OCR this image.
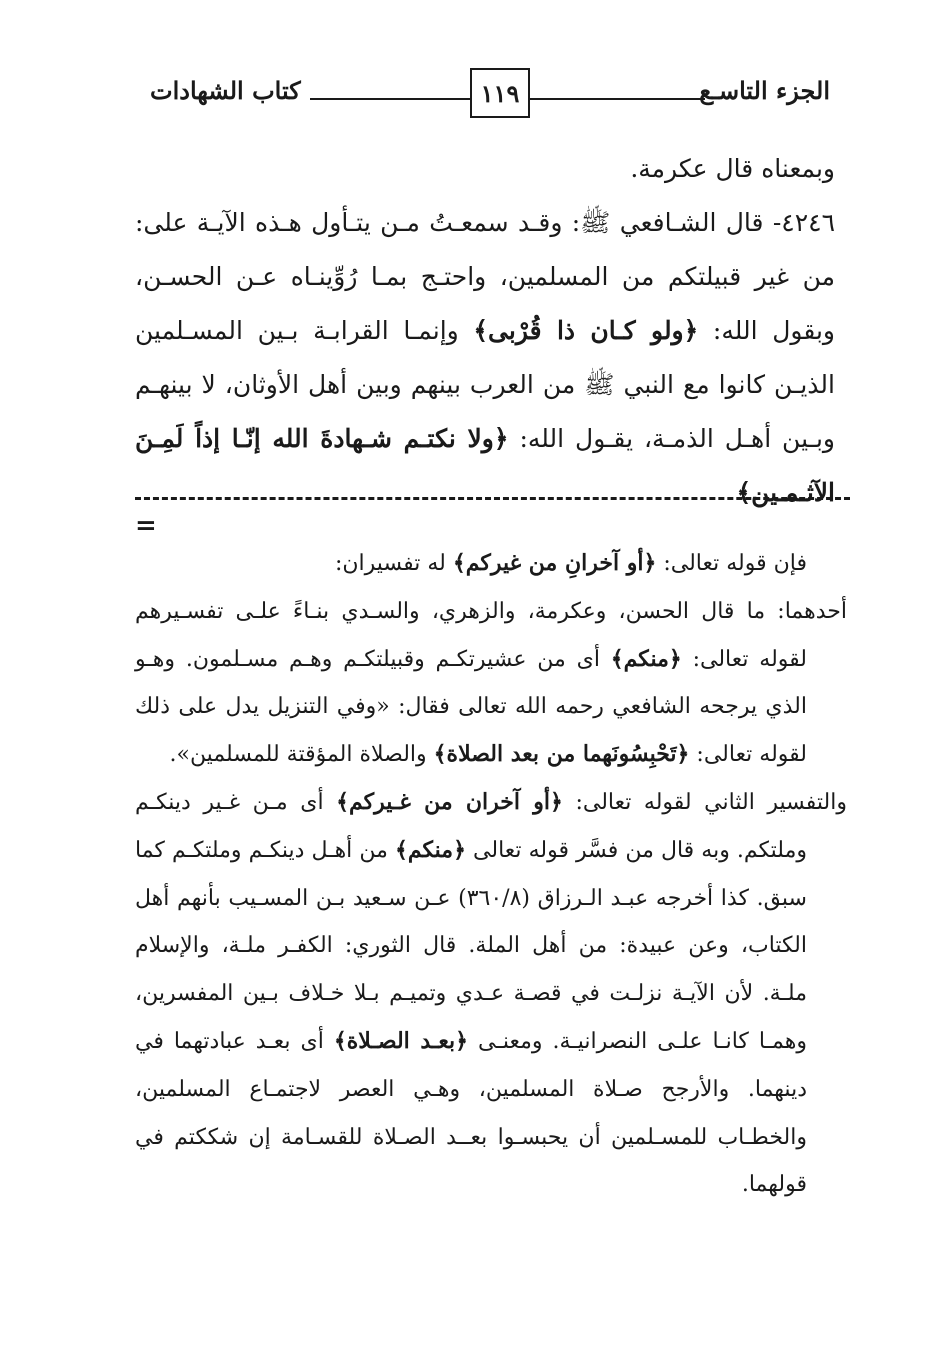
كتاب الشهادات	١١٩	الجزء التاسـع

وبمعناه قال عكرمة.

٤٢٤٦- قال الشـافعي ﷺ: وقـد سمعـتُ مـن يتـأول هـذه الآيـة على: من غير قبيلتكم من المسلمين، واحتـج بمـا رُوِّينـاه عـن الحسـن، وبقول الله: ﴿ولو كـان ذا قُرْبى﴾ وإنمـا القرابـة بـين المسـلمين الذيـن كانوا مع النبي ﷺ من العرب بينهم وبين أهل الأوثان، لا بينهـم وبـين أهـل الذمـة، يقـول الله: ﴿ولا نكتـم شـهادةَ الله إنّـا إذاً لَمِـنَ الآثـمـين﴾

=

فإن قوله تعالى: ﴿أو آخرانِ من غيركم﴾ له تفسيران:

أحدهما: ما قال الحسن، وعكرمة، والزهري، والسـدي بنـاءً علـى تفسـيرهم لقوله تعالى: ﴿منكم﴾ أى من عشيرتكـم وقبيلتكـم وهـم مسـلمون. وهـو الذي يرجحه الشافعي رحمه الله تعالى فقال: «وفي التنزيل يدل على ذلك لقوله تعالى: ﴿تَحْبِسُونَهما من بعد الصلاة﴾ والصلاة المؤقتة للمسلمين».

والتفسير الثاني لقوله تعالى: ﴿أو آخران من غـيركم﴾ أى مـن غـير دينكـم وملتكم. وبه قال من فسَّر قوله تعالى ﴿منكم﴾ من أهـل دينكـم وملتكـم كما سبق. كذا أخرجه عبـد الـرزاق (٣٦٠/٨) عـن سـعيد بـن المسـيب بأنهم أهل الكتاب، وعن عبيدة: من أهل الملة. قال الثوري: الكفـر ملـة، والإسلام ملـة. لأن الآيـة نزلـت في قصـة عـدي وتميـم بـلا خـلاف بـين المفسرين، وهمـا كانـا علـى النصرانيـة. ومعنـى ﴿بعـد الصـلاة﴾ أى بعـد عبادتهما في دينهما. والأرجح صـلاة المسلمين، وهـي العصر لاجتمـاع المسلمين، والخطـاب للمسـلمين أن يحبسـوا بعــد الصـلاة للقسـامة إن شككتم في قولهما.
